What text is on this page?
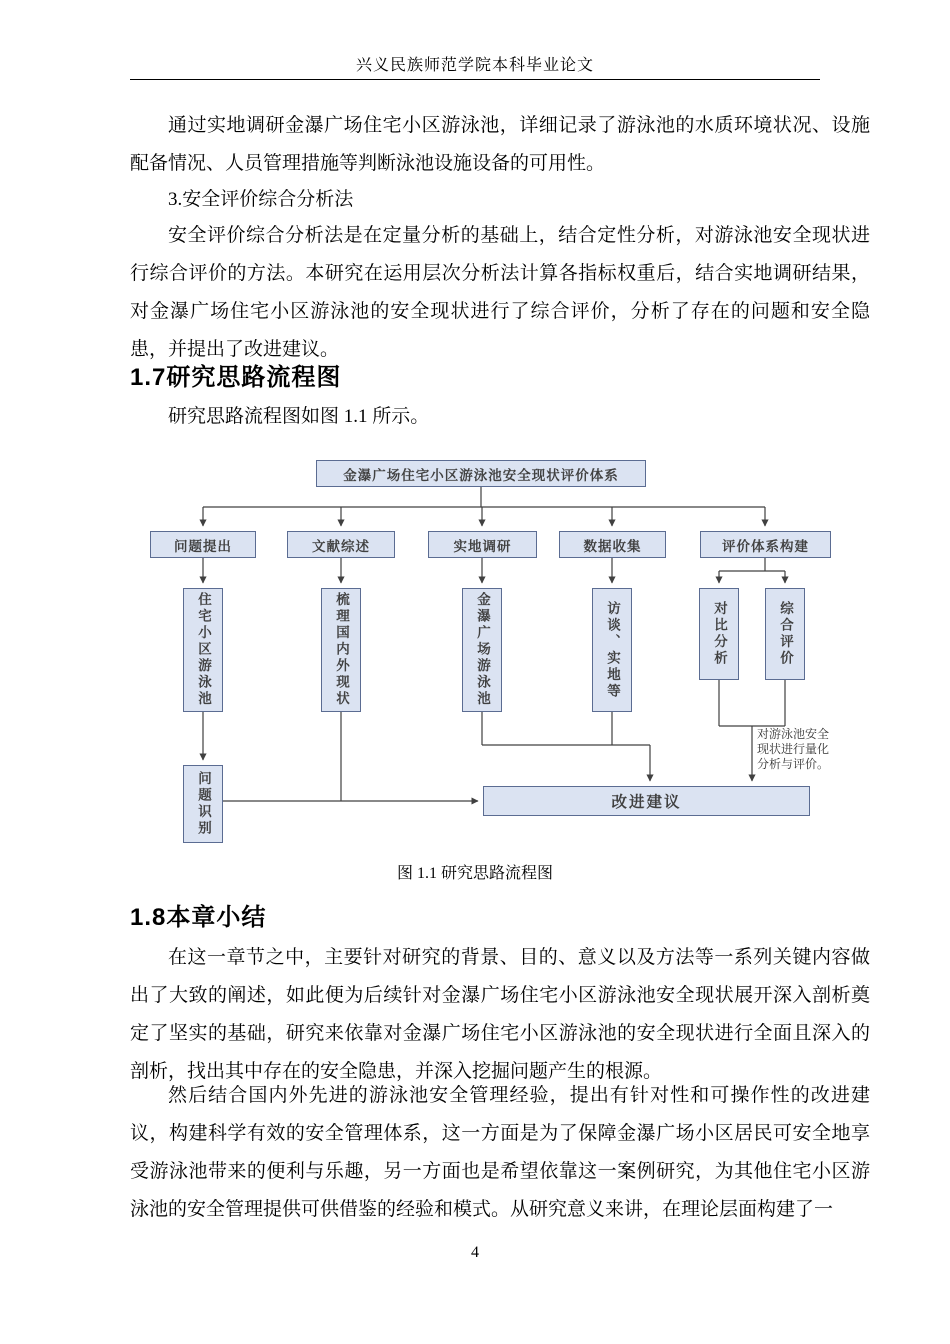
兴义民族师范学院本科毕业论文

通过实地调研金瀑广场住宅小区游泳池，详细记录了游泳池的水质环境状况、设施配备情况、人员管理措施等判断泳池设施设备的可用性。

3.安全评价综合分析法

安全评价综合分析法是在定量分析的基础上，结合定性分析，对游泳池安全现状进行综合评价的方法。本研究在运用层次分析法计算各指标权重后，结合实地调研结果，对金瀑广场住宅小区游泳池的安全现状进行了综合评价，分析了存在的问题和安全隐患，并提出了改进建议。

1.7研究思路流程图

研究思路流程图如图 1.1 所示。

金瀑广场住宅小区游泳池安全现状评价体系
问题提出	文献综述	实地调研	数据收集	评价体系构建
住宅小区游泳池	梳理国内外现状	金瀑广场游泳池	访谈、实地等	对比分析	综合评价
问题识别	改进建议
对游泳池安全现状进行量化分析与评价。
图 1.1 研究思路流程图
1.8本章小结

在这一章节之中，主要针对研究的背景、目的、意义以及方法等一系列关键内容做出了大致的阐述，如此便为后续针对金瀑广场住宅小区游泳池安全现状展开深入剖析奠定了坚实的基础，研究来依靠对金瀑广场住宅小区游泳池的安全现状进行全面且深入的剖析，找出其中存在的安全隐患，并深入挖掘问题产生的根源。

然后结合国内外先进的游泳池安全管理经验，提出有针对性和可操作性的改进建议，构建科学有效的安全管理体系，这一方面是为了保障金瀑广场小区居民可安全地享受游泳池带来的便利与乐趣，另一方面也是希望依靠这一案例研究，为其他住宅小区游泳池的安全管理提供可供借鉴的经验和模式。从研究意义来讲，在理论层面构建了一

4
